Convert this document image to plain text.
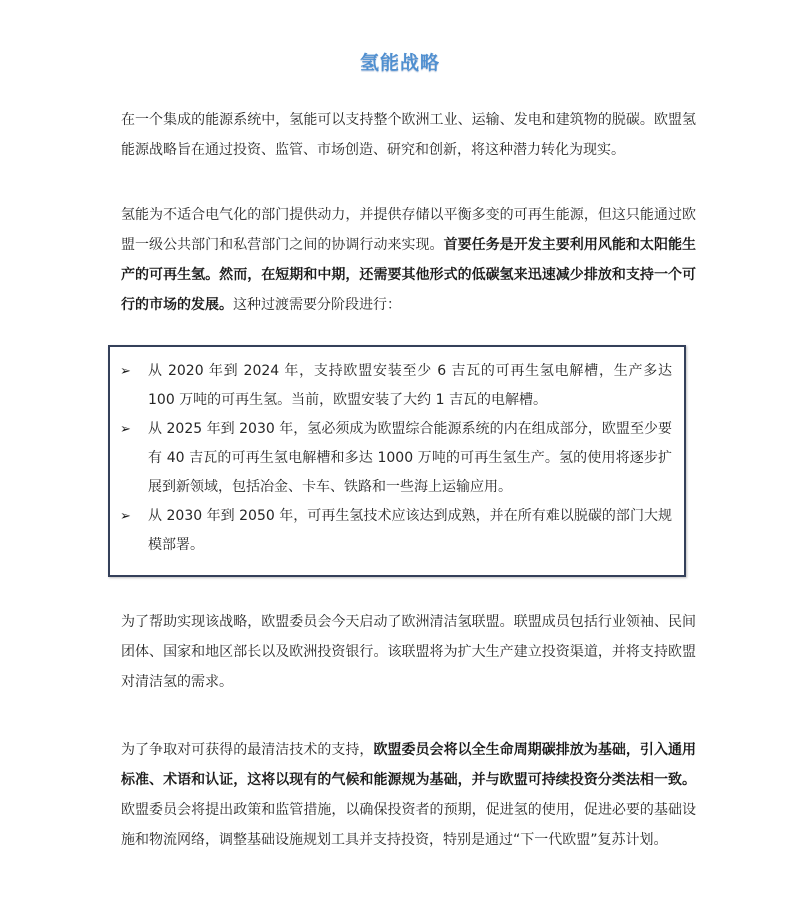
氢能战略

在一个集成的能源系统中，氢能可以支持整个欧洲工业、运输、发电和建筑物的脱碳。欧盟氢能源战略旨在通过投资、监管、市场创造、研究和创新，将这种潜力转化为现实。

氢能为不适合电气化的部门提供动力，并提供存储以平衡多变的可再生能源，但这只能通过欧盟一级公共部门和私营部门之间的协调行动来实现。首要任务是开发主要利用风能和太阳能生产的可再生氢。然而，在短期和中期，还需要其他形式的低碳氢来迅速减少排放和支持一个可行的市场的发展。这种过渡需要分阶段进行：

➢ 从 2020 年到 2024 年，支持欧盟安装至少 6 吉瓦的可再生氢电解槽，生产多达 100 万吨的可再生氢。当前，欧盟安装了大约 1 吉瓦的电解槽。
➢ 从 2025 年到 2030 年，氢必须成为欧盟综合能源系统的内在组成部分，欧盟至少要有 40 吉瓦的可再生氢电解槽和多达 1000 万吨的可再生氢生产。氢的使用将逐步扩展到新领域，包括冶金、卡车、铁路和一些海上运输应用。
➢ 从 2030 年到 2050 年，可再生氢技术应该达到成熟，并在所有难以脱碳的部门大规模部署。

为了帮助实现该战略，欧盟委员会今天启动了欧洲清洁氢联盟。联盟成员包括行业领袖、民间团体、国家和地区部长以及欧洲投资银行。该联盟将为扩大生产建立投资渠道，并将支持欧盟对清洁氢的需求。

为了争取对可获得的最清洁技术的支持，欧盟委员会将以全生命周期碳排放为基础，引入通用标准、术语和认证，这将以现有的气候和能源规为基础，并与欧盟可持续投资分类法相一致。欧盟委员会将提出政策和监管措施，以确保投资者的预期，促进氢的使用，促进必要的基础设施和物流网络，调整基础设施规划工具并支持投资，特别是通过“下一代欧盟”复苏计划。
